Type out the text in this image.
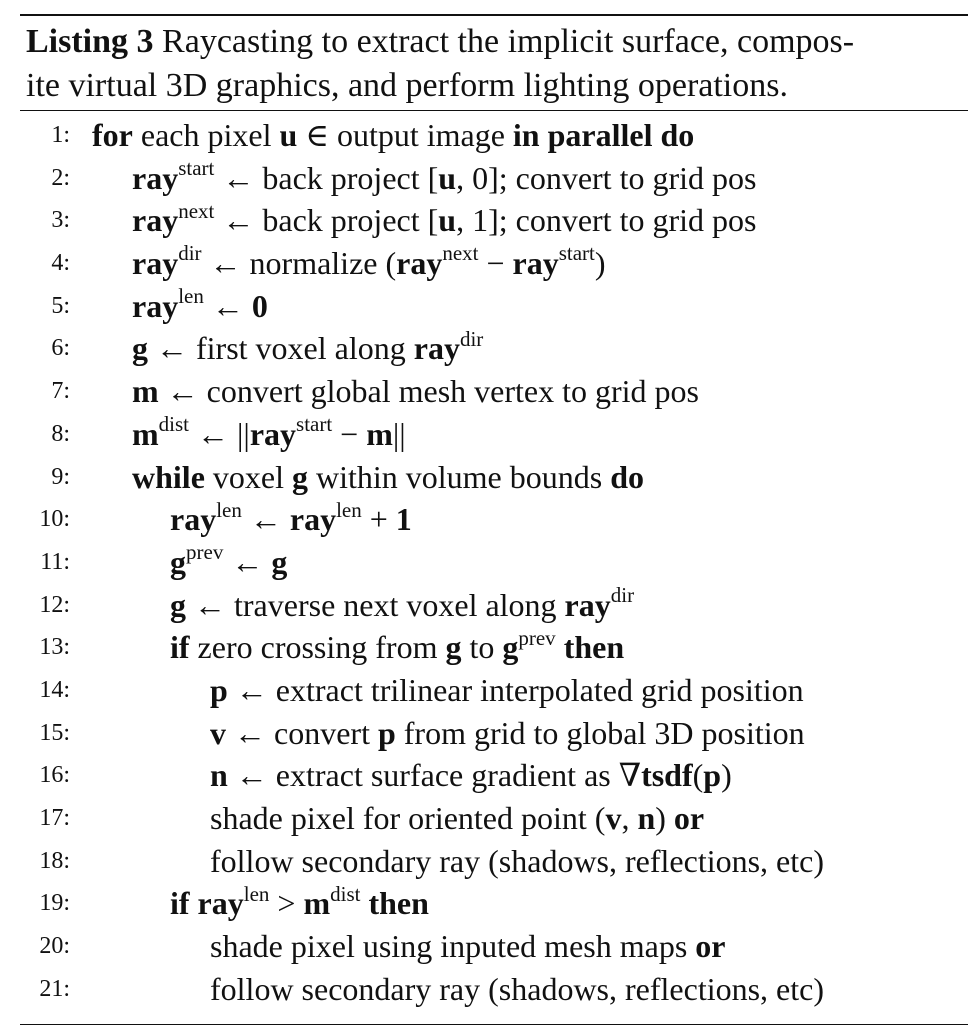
Listing 3 Raycasting to extract the implicit surface, compos-
ite virtual 3D graphics, and perform lighting operations.
1: for each pixel u ∈ output image in parallel do
2: ray$^{start}$ ← back project [u, 0]; convert to grid pos
3: ray$^{next}$ ← back project [u, 1]; convert to grid pos
4: ray$^{dir}$ ← normalize (ray$^{next}$ − ray$^{start}$)
5: ray$^{len}$ ← 0
6: g ← first voxel along ray$^{dir}$
7: m ← convert global mesh vertex to grid pos
8: $m^{dist}$ ← ||ray$^{start}$ − m||
9: while voxel g within volume bounds do
10:	ray$^{len}$ ← ray$^{len}$ + 1
11:	$g^{prev}$ ← g
12:	g ← traverse next voxel along ray$^{dir}$
13:	if zero crossing from g to $g^{prev}$ then
14:	p ← extract trilinear interpolated grid position
15:	v ← convert p from grid to global 3D position
16:	n ← extract surface gradient as ∇tsdf(p)
17:	shade pixel for oriented point (v, n) or
18:	follow secondary ray (shadows, reflections, etc)
19:	if $ray^{len} > m^{dist}$ then
20:	shade pixel using inputed mesh maps or
21:	follow secondary ray (shadows, reflections, etc)
